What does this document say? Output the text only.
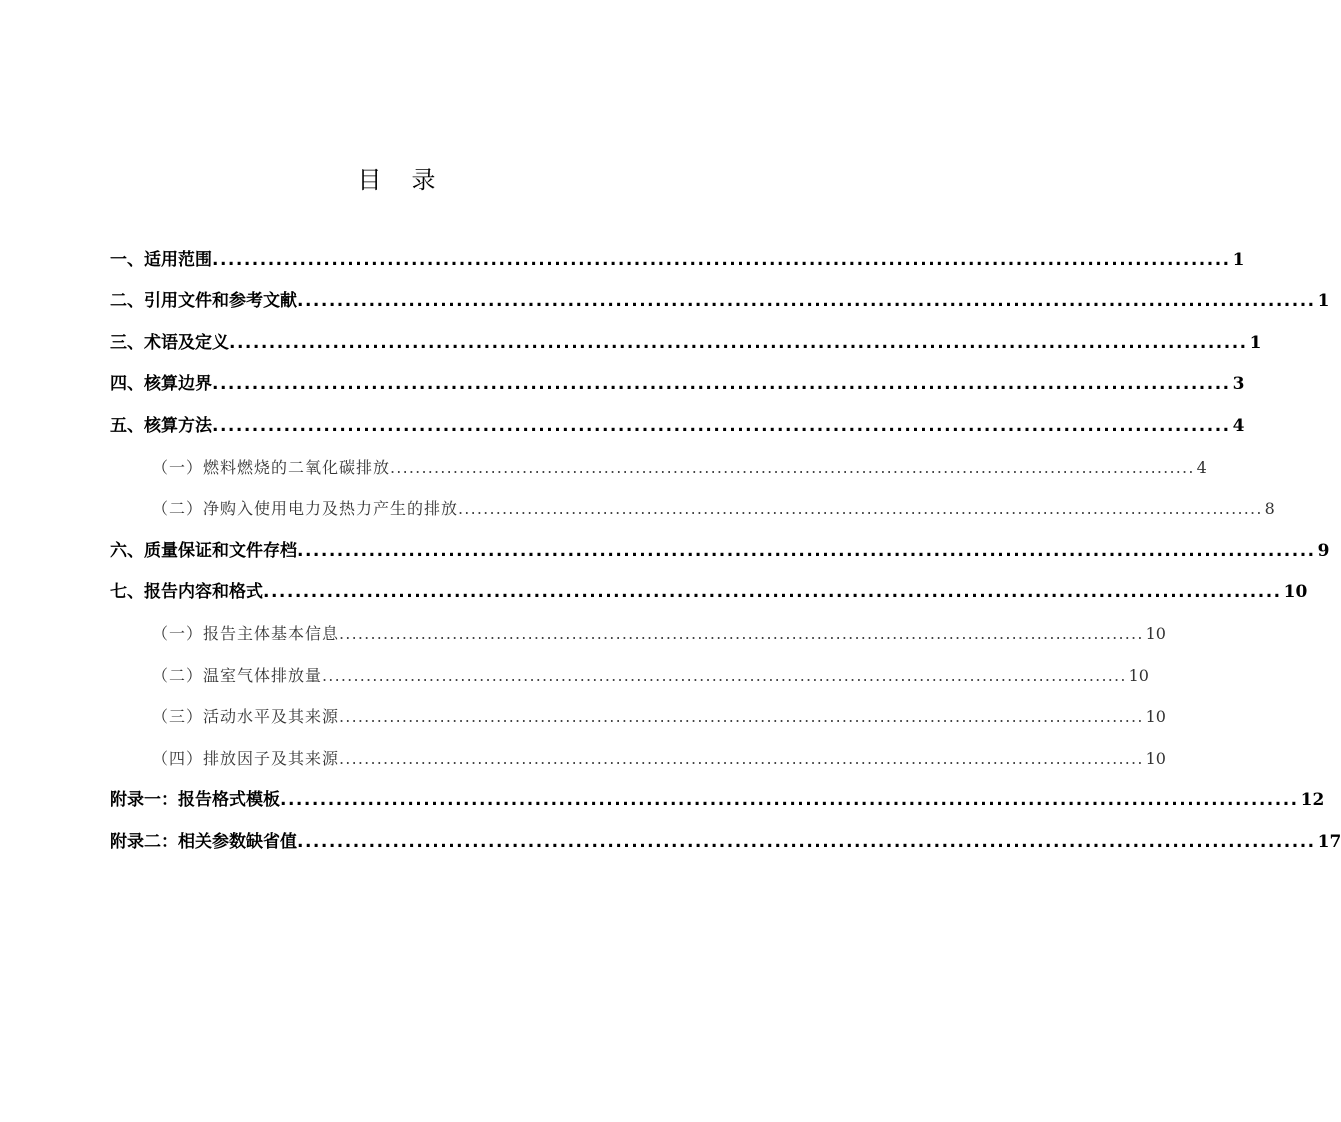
目 录
一、适用范围 ................................................................................................................................ 1
二、引用文件和参考文献 ................................................................................................................................ 1
三、术语及定义 ................................................................................................................................ 1
四、核算边界 ................................................................................................................................ 3
五、核算方法 ................................................................................................................................ 4
（一）燃料燃烧的二氧化碳排放 ................................................................................................................................ 4
（二）净购入使用电力及热力产生的排放 ................................................................................................................................ 8
六、质量保证和文件存档 ................................................................................................................................ 9
七、报告内容和格式 ................................................................................................................................ 10
（一）报告主体基本信息 ................................................................................................................................ 10
（二）温室气体排放量 ................................................................................................................................ 10
（三）活动水平及其来源 ................................................................................................................................ 10
（四）排放因子及其来源 ................................................................................................................................ 10
附录一：报告格式模板 ................................................................................................................................ 12
附录二：相关参数缺省值 ................................................................................................................................ 17
